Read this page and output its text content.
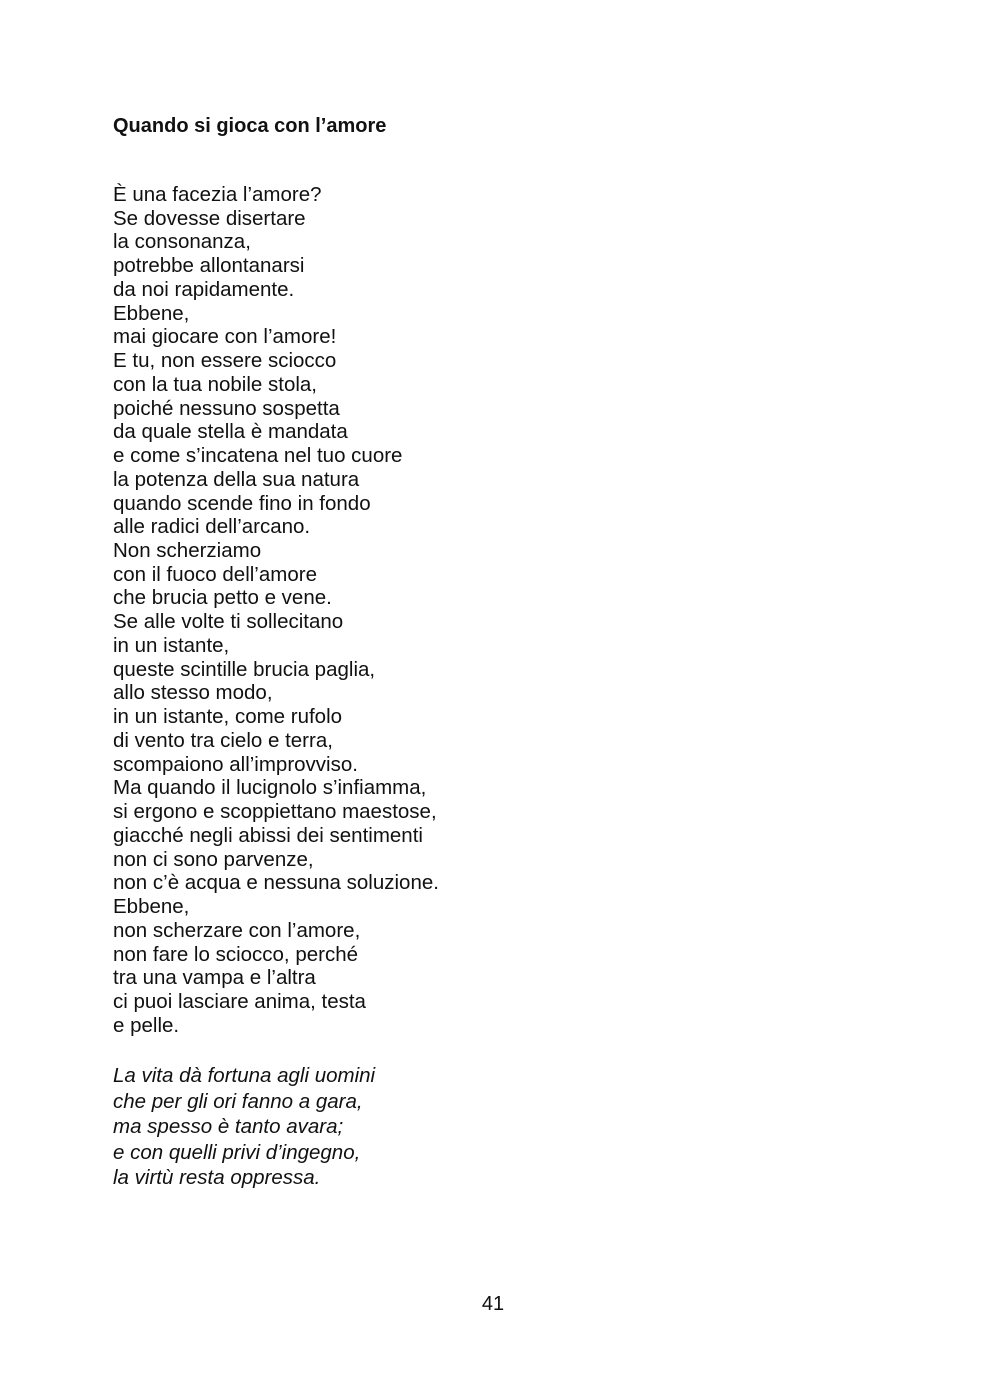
Quando si gioca con l’amore
È una facezia l’amore?
Se dovesse disertare
la consonanza,
potrebbe allontanarsi
da noi rapidamente.
Ebbene,
mai giocare con l’amore!
E tu, non essere sciocco
con la tua nobile stola,
poiché nessuno sospetta
da quale stella è mandata
e come s’incatena nel tuo cuore
la potenza della sua natura
quando scende fino in fondo
alle radici dell’arcano.
Non scherziamo
con il fuoco dell’amore
che brucia petto e vene.
Se alle volte ti sollecitano
in un istante,
queste scintille brucia paglia,
allo stesso modo,
in un istante, come rufolo
di vento tra cielo e terra,
scompaiono all’improvviso.
Ma quando il lucignolo s’infiamma,
si ergono e scoppiettano maestose,
giacché negli abissi dei sentimenti
non ci sono parvenze,
non c’è acqua e nessuna soluzione.
Ebbene,
non scherzare con l’amore,
non fare lo sciocco, perché
tra una vampa e l’altra
ci puoi lasciare anima, testa
e pelle.
La vita dà fortuna agli uomini
che per gli ori fanno a gara,
ma spesso è tanto avara;
e con quelli privi d’ingegno,
la virtù resta oppressa.
41
